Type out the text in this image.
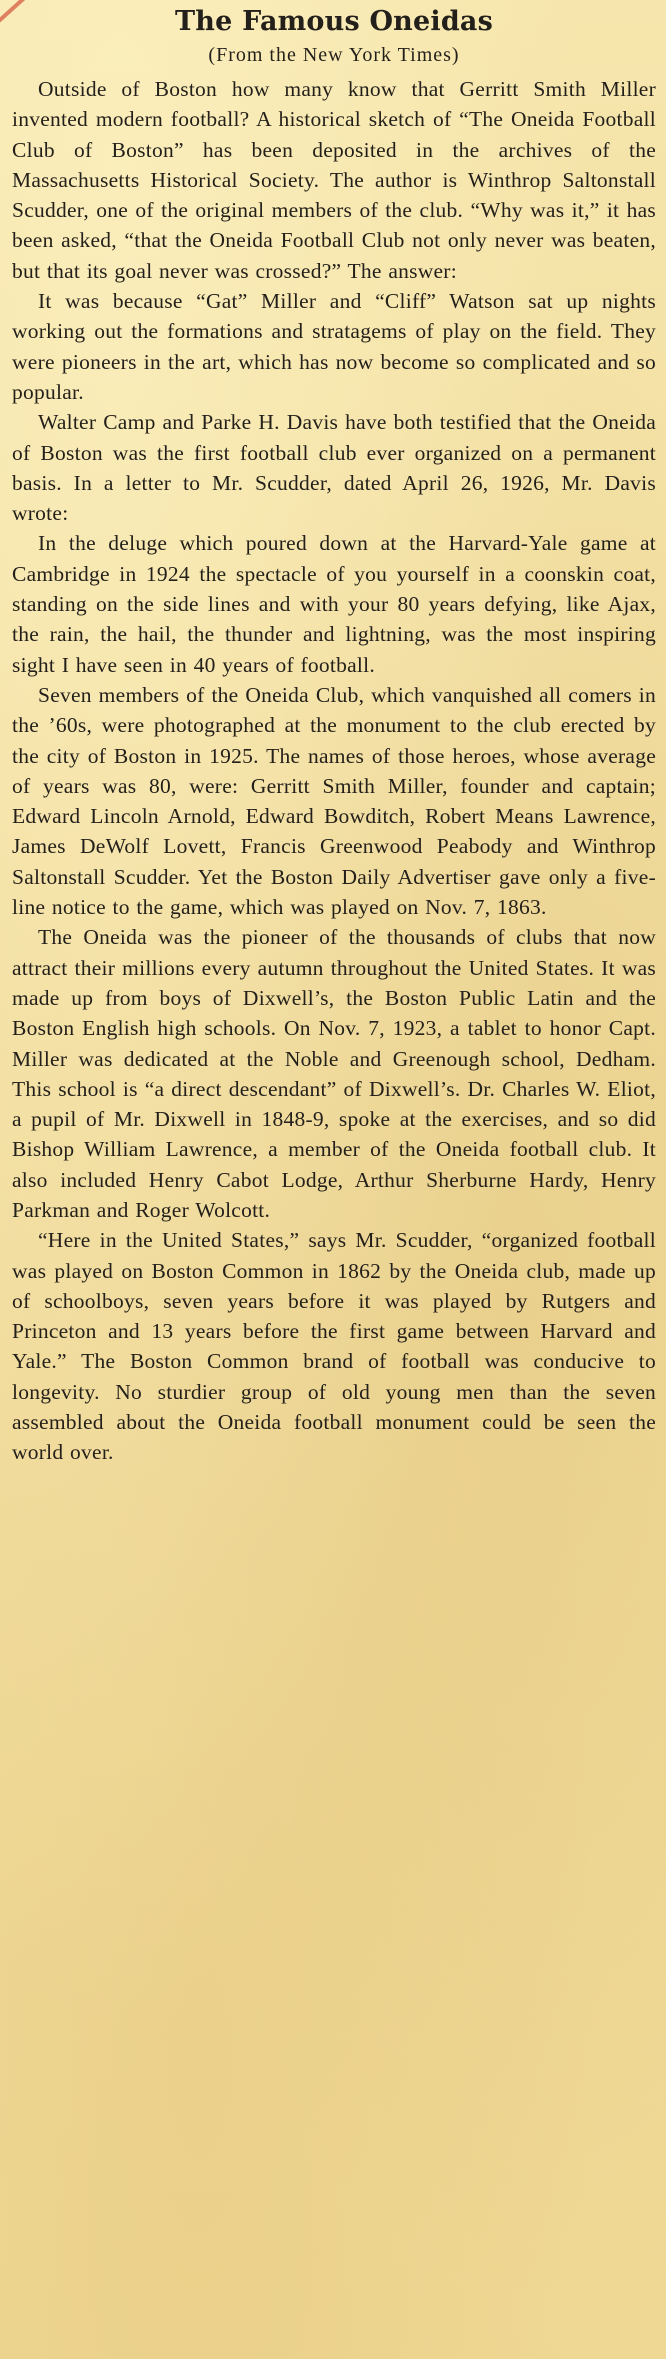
The Famous Oneidas
(From the New York Times)

Outside of Boston how many know that Gerritt Smith Miller invented modern football? A historical sketch of “The Oneida Football Club of Boston” has been deposited in the archives of the Massachusetts Historical Society. The author is Winthrop Saltonstall Scudder, one of the original members of the club. “Why was it,” it has been asked, “that the Oneida Football Club not only never was beaten, but that its goal never was crossed?” The answer:

It was because “Gat” Miller and “Cliff” Watson sat up nights working out the formations and stratagems of play on the field. They were pioneers in the art, which has now become so complicated and so popular.

Walter Camp and Parke H. Davis have both testified that the Oneida of Boston was the first football club ever organized on a permanent basis. In a letter to Mr. Scudder, dated April 26, 1926, Mr. Davis wrote:

In the deluge which poured down at the Harvard-Yale game at Cambridge in 1924 the spectacle of you yourself in a coonskin coat, standing on the side lines and with your 80 years defying, like Ajax, the rain, the hail, the thunder and lightning, was the most inspiring sight I have seen in 40 years of football.

Seven members of the Oneida Club, which vanquished all comers in the ’60s, were photographed at the monument to the club erected by the city of Boston in 1925. The names of those heroes, whose average of years was 80, were: Gerritt Smith Miller, founder and captain; Edward Lincoln Arnold, Edward Bowditch, Robert Means Lawrence, James DeWolf Lovett, Francis Greenwood Peabody and Winthrop Saltonstall Scudder. Yet the Boston Daily Advertiser gave only a five-line notice to the game, which was played on Nov. 7, 1863.

The Oneida was the pioneer of the thousands of clubs that now attract their millions every autumn throughout the United States. It was made up from boys of Dixwell’s, the Boston Public Latin and the Boston English high schools. On Nov. 7, 1923, a tablet to honor Capt. Miller was dedicated at the Noble and Greenough school, Dedham. This school is “a direct descendant” of Dixwell’s. Dr. Charles W. Eliot, a pupil of Mr. Dixwell in 1848-9, spoke at the exercises, and so did Bishop William Lawrence, a member of the Oneida football club. It also included Henry Cabot Lodge, Arthur Sherburne Hardy, Henry Parkman and Roger Wolcott.

“Here in the United States,” says Mr. Scudder, “organized football was played on Boston Common in 1862 by the Oneida club, made up of schoolboys, seven years before it was played by Rutgers and Princeton and 13 years before the first game between Harvard and Yale.” The Boston Common brand of football was conducive to longevity. No sturdier group of old young men than the seven assembled about the Oneida football monument could be seen the world over.
